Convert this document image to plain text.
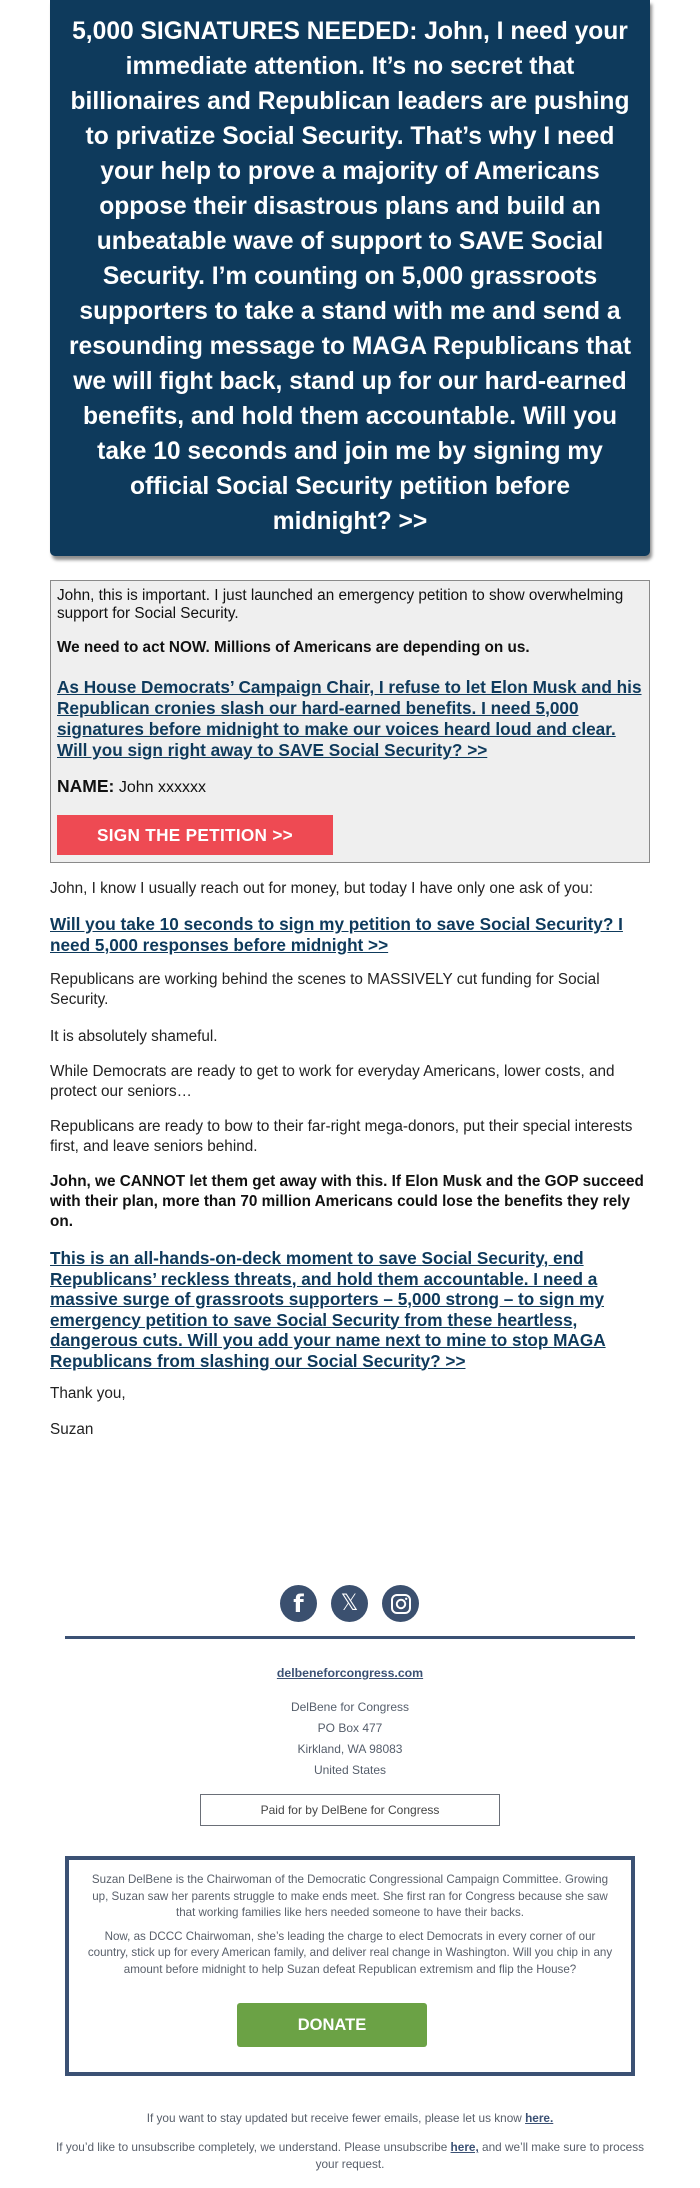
5,000 SIGNATURES NEEDED: John, I need your immediate attention. It’s no secret that billionaires and Republican leaders are pushing to privatize Social Security. That’s why I need your help to prove a majority of Americans oppose their disastrous plans and build an unbeatable wave of support to SAVE Social Security. I’m counting on 5,000 grassroots supporters to take a stand with me and send a resounding message to MAGA Republicans that we will fight back, stand up for our hard-earned benefits, and hold them accountable. Will you take 10 seconds and join me by signing my official Social Security petition before midnight? >>

John, this is important. I just launched an emergency petition to show overwhelming support for Social Security.

We need to act NOW. Millions of Americans are depending on us.

As House Democrats’ Campaign Chair, I refuse to let Elon Musk and his Republican cronies slash our hard-earned benefits. I need 5,000 signatures before midnight to make our voices heard loud and clear. Will you sign right away to SAVE Social Security? >>
NAME: John xxxxxx
SIGN THE PETITION >>

John, I know I usually reach out for money, but today I have only one ask of you:

Will you take 10 seconds to sign my petition to save Social Security? I need 5,000 responses before midnight >>

Republicans are working behind the scenes to MASSIVELY cut funding for Social Security.

It is absolutely shameful.

While Democrats are ready to get to work for everyday Americans, lower costs, and protect our seniors…

Republicans are ready to bow to their far-right mega-donors, put their special interests first, and leave seniors behind.

John, we CANNOT let them get away with this. If Elon Musk and the GOP succeed with their plan, more than 70 million Americans could lose the benefits they rely on.

This is an all-hands-on-deck moment to save Social Security, end Republicans’ reckless threats, and hold them accountable. I need a massive surge of grassroots supporters – 5,000 strong – to sign my emergency petition to save Social Security from these heartless, dangerous cuts. Will you add your name next to mine to stop MAGA Republicans from slashing our Social Security? >>

Thank you,

Suzan

f 𝕏
delbeneforcongress.com
DelBene for Congress
PO Box 477
Kirkland, WA 98083
United States
Paid for by DelBene for Congress

Suzan DelBene is the Chairwoman of the Democratic Congressional Campaign Committee. Growing up, Suzan saw her parents struggle to make ends meet. She first ran for Congress because she saw that working families like hers needed someone to have their backs.

Now, as DCCC Chairwoman, she’s leading the charge to elect Democrats in every corner of our country, stick up for every American family, and deliver real change in Washington. Will you chip in any amount before midnight to help Suzan defeat Republican extremism and flip the House?

DONATE
If you want to stay updated but receive fewer emails, please let us know here.
If you’d like to unsubscribe completely, we understand. Please unsubscribe here, and we’ll make sure to process your request.
